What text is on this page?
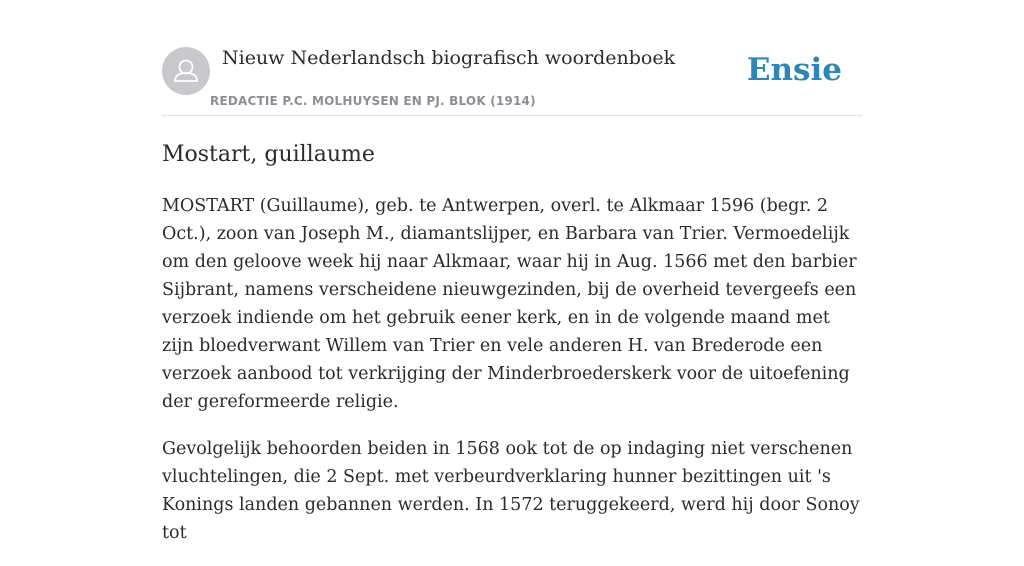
Nieuw Nederlandsch biografisch woordenboek
REDACTIE P.C. MOLHUYSEN EN PJ. BLOK (1914)
Ensie
Mostart, guillaume

MOSTART (Guillaume), geb. te Antwerpen, overl. te Alkmaar 1596 (begr. 2 Oct.), zoon van Joseph M., diamantslijper, en Barbara van Trier. Vermoedelijk om den geloove week hij naar Alkmaar, waar hij in Aug. 1566 met den barbier Sijbrant, namens verscheidene nieuwgezinden, bij de overheid tevergeefs een verzoek indiende om het gebruik eener kerk, en in de volgende maand met zijn bloedverwant Willem van Trier en vele anderen H. van Brederode een verzoek aanbood tot verkrijging der Minderbroederskerk voor de uitoefening der gereformeerde religie.

Gevolgelijk behoorden beiden in 1568 ook tot de op indaging niet verschenen vluchtelingen, die 2 Sept. met verbeurdverklaring hunner bezittingen uit 's Konings landen gebannen werden. In 1572 teruggekeerd, werd hij door Sonoy tot
